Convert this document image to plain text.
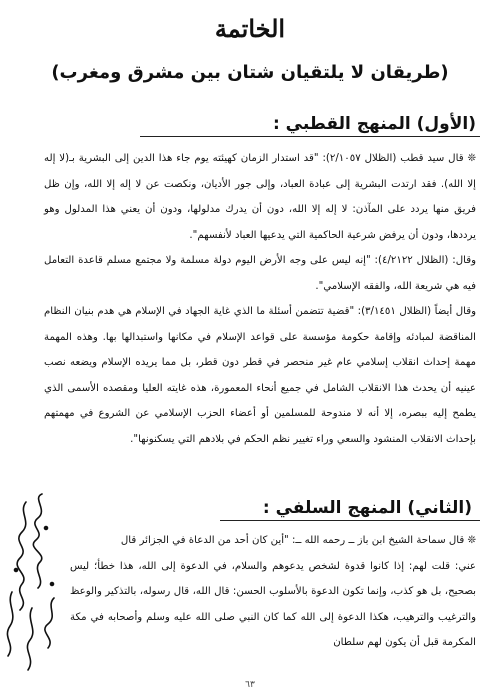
الخاتمة
(طريقان لا يلتقيان شتان بين مشرق ومغرب)
(الأول) المنهج القطبي :

❊ قال سيد قطب (الظلال ٢/١٠٥٧): "قد استدار الزمان كهيئته يوم جاء هذا الدين إلى البشرية بـ(لا إله إلا الله). فقد ارتدت البشرية إلى عبادة العباد، وإلى جور الأديان، ونكصت عن لا إله إلا الله، وإن ظل فريق منها يردد على المآذن: لا إله إلا الله، دون أن يدرك مدلولها، ودون أن يعني هذا المدلول وهو يرددها، ودون أن يرفض شرعية الحاكمية التي يدعيها العباد لأنفسهم".

وقال: (الظلال ٤/٢١٢٢): "إنه ليس على وجه الأرض اليوم دولة مسلمة ولا مجتمع مسلم قاعدة التعامل فيه هي شريعة الله، والفقه الإسلامي".

وقال أيضاً (الظلال ٣/١٤٥١): "قضية تتضمن أسئلة ما الذي غاية الجهاد في الإسلام هي هدم بنيان النظام المناقضة لمبادئه وإقامة حكومة مؤسسة على قواعد الإسلام في مكانها واستبدالها بها. وهذه المهمة مهمة إحداث انقلاب إسلامي عام غير منحصر في قطر دون قطر، بل مما يريده الإسلام ويضعه نصب عينيه أن يحدث هذا الانقلاب الشامل في جميع أنحاء المعمورة، هذه غايته العليا ومقصده الأسمى الذي يطمح إليه ببصره، إلا أنه لا مندوحة للمسلمين أو أعضاء الحزب الإسلامي عن الشروع في مهمتهم بإحداث الانقلاب المنشود والسعي وراء تغيير نظم الحكم في بلادهم التي يسكنونها".

(الثاني) المنهج السلفي :

❊ قال سماحة الشيخ ابن باز ــ رحمه الله ــ: "أين كان أحد من الدعاة في الجزائر قال

عني: قلت لهم: إذا كانوا قدوة لشخص يدعوهم والسلام، في الدعوة إلى الله، هذا خطأ؛ ليس بصحيح، بل هو كذب، وإنما تكون الدعوة بالأسلوب الحسن: قال الله، قال رسوله، بالتذكير والوعظ والترغيب والترهيب، هكذا الدعوة إلى الله كما كان النبي صلى الله عليه وسلم وأصحابه في مكة المكرمة قبل أن يكون لهم سلطان

٦٣
